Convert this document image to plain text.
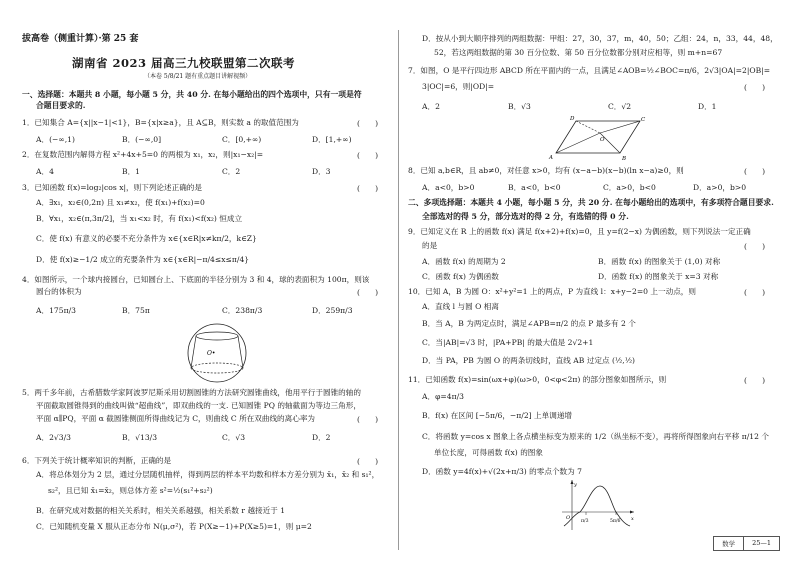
拔高卷（侧重计算）·第 25 套
湖南省 2023 届高三九校联盟第二次联考
（本卷 5/8/21 题有重点题目讲解视频）
一、选择题：本题共 8 小题，每小题 5 分，共 40 分. 在每小题给出的四个选项中，只有一项是符
合题目要求的.
1．已知集合 A={x||x−1|<1}，B={x|x≥a}，且 A⊆B，则实数 a 的取值范围为	(　　)
A．(−∞,1)	B．(−∞,0]	C．[0,+∞)	D．[1,+∞)
2．在复数范围内解得方程 x²+4x+5=0 的两根为 x₁，x₂，则|x₁−x₂|=	(　　)
A．4	B．1	C．2	D．3
3．已知函数 f(x)=log₂|cos x|，则下列论述正确的是	(　　)
A．∃x₁，x₂∈(0,2π) 且 x₁≠x₂，使 f(x₁)+f(x₂)=0
B．∀x₁，x₂∈(π,3π/2]，当 x₁<x₂ 时，有 f(x₁)<f(x₂) 恒成立
C．使 f(x) 有意义的必要不充分条件为 x∈{x∈R|x≠kπ/2，k∈Z}
D．使 f(x)≥−1/2 成立的充要条件为 x∈{x∈R|−π/4≤x≤π/4}
4．如图所示，一个球内接圆台，已知圆台上、下底面的半径分别为 3 和 4，球的表面积为 100π，则该
圆台的体积为	(　　)
A．175π/3	B．75π	C．238π/3	D．259π/3
O•
5．两千多年前，古希腊数学家阿波罗尼斯采用切割圆锥的方法研究圆锥曲线，他用平行于圆锥的轴的
平面截取圆锥得到的曲线叫做“超曲线”，即双曲线的一支. 已知圆锥 PQ 的轴截面为等边三角形，
平面 α∥PQ，平面 α 截圆锥侧面所得曲线记为 C，则曲线 C 所在双曲线的离心率为	(　　)
A．2√3/3	B．√13/3	C．√3	D．2
6．下列关于统计概率知识的判断，正确的是	(　　)
A．将总体划分为 2 层，通过分层随机抽样，得到两层的样本平均数和样本方差分别为 x̄₁，x̄₂ 和 s₁²，
s₂²，且已知 x̄₁=x̄₂，则总体方差 s²=½(s₁²+s₂²)
B．在研究成对数据的相关关系时，相关关系越强，相关系数 r 越接近于 1
C．已知随机变量 X 服从正态分布 N(μ,σ²)，若 P(X≥−1)+P(X≥5)=1，则 μ=2
D．按从小到大顺序排列的两组数据：甲组：27，30，37，m，40，50；乙组：24，n，33，44，48，
52，若这两组数据的第 30 百分位数、第 50 百分位数都分别对应相等，则 m+n=67
7．如图，O 是平行四边形 ABCD 所在平面内的一点，且满足∠AOB=½∠BOC=π/6，2√3|OA|=2|OB|=
3|OC|=6，则|OD|=	(　　)
A．2	B．√3	C．√2	D．1
A	B
C
D
O
8．已知 a,b∈R，且 ab≠0，对任意 x>0，均有 (x−a−b)(x−b)(ln x−a)≥0，则	(　　)
A．a<0，b>0	B．a<0，b<0	C．a>0，b<0	D．a>0，b>0
二、多项选择题：本题共 4 小题，每小题 5 分，共 20 分. 在每小题给出的选项中，有多项符合题目要求.
全部选对的得 5 分，部分选对的得 2 分，有选错的得 0 分.
9．已知定义在 R 上的函数 f(x) 满足 f(x+2)+f(x)=0，且 y=f(2−x) 为偶函数，则下列说法一定正确
的是	(　　)
A．函数 f(x) 的周期为 2	B．函数 f(x) 的图象关于 (1,0) 对称
C．函数 f(x) 为偶函数	D．函数 f(x) 的图象关于 x=3 对称
10．已知 A，B 为圆 O：x²+y²=1 上的两点，P 为直线 l：x+y−2=0 上一动点，则	(　　)
A．直线 l 与圆 O 相离
B．当 A，B 为两定点时，满足∠APB=π/2 的点 P 最多有 2 个
C．当|AB|=√3 时，|PA+PB| 的最大值是 2√2+1
D．当 PA，PB 为圆 O 的两条切线时，直线 AB 过定点 (½,½)
11．已知函数 f(x)=sin(ωx+φ)(ω>0，0<φ<2π) 的部分图象如图所示，则	(　　)
A．φ=4π/3
B．f(x) 在区间 [−5π/6，−π/2] 上单调递增
C．将函数 y=cos x 图象上各点横坐标变为原来的 1/2（纵坐标不变），再将所得图象向右平移 π/12 个
单位长度，可得函数 f(x) 的图象
D．函数 y=4f(x)+√(2x+π/3) 的零点个数为 7
y
x
O
π/3	5π/6
数学	25—1
